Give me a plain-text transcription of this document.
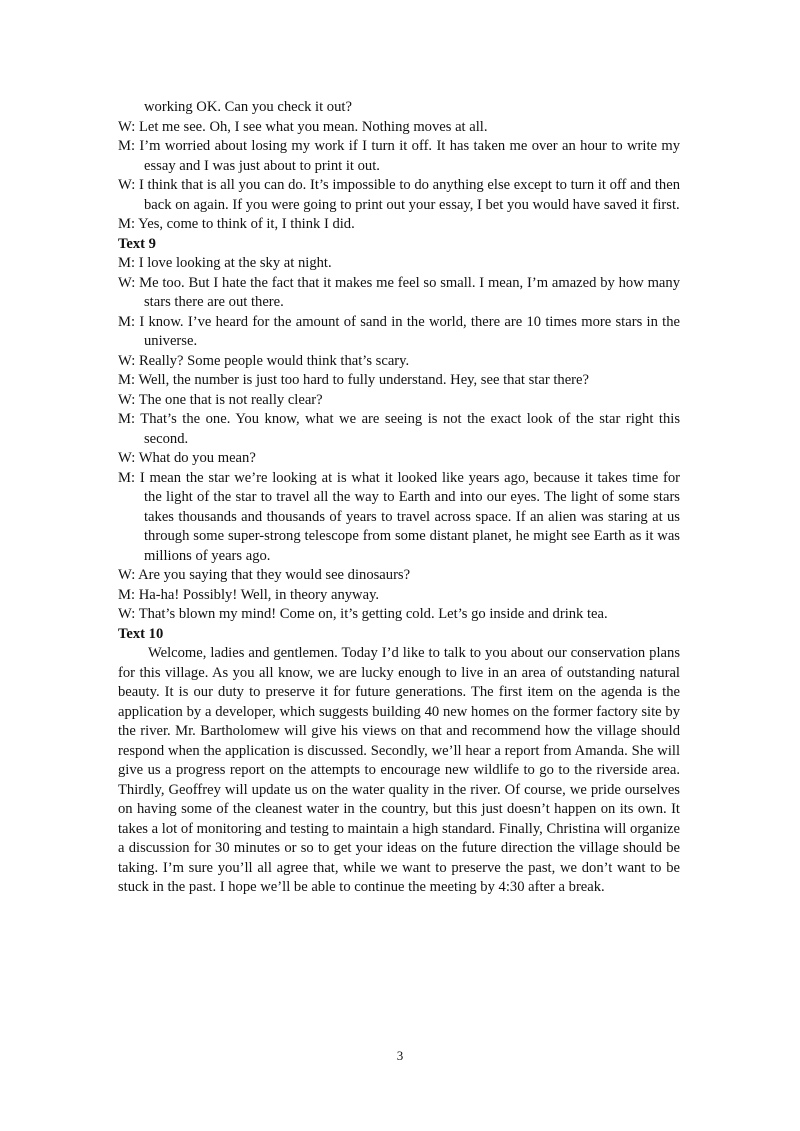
working OK. Can you check it out?
W: Let me see. Oh, I see what you mean. Nothing moves at all.
M: I’m worried about losing my work if I turn it off. It has taken me over an hour to write my essay and I was just about to print it out.
W: I think that is all you can do. It’s impossible to do anything else except to turn it off and then back on again. If you were going to print out your essay, I bet you would have saved it first.
M: Yes, come to think of it, I think I did.
Text 9
M: I love looking at the sky at night.
W: Me too. But I hate the fact that it makes me feel so small. I mean, I’m amazed by how many stars there are out there.
M: I know. I’ve heard for the amount of sand in the world, there are 10 times more stars in the universe.
W: Really? Some people would think that’s scary.
M: Well, the number is just too hard to fully understand. Hey, see that star there?
W: The one that is not really clear?
M: That’s the one. You know, what we are seeing is not the exact look of the star right this second.
W: What do you mean?
M: I mean the star we’re looking at is what it looked like years ago, because it takes time for the light of the star to travel all the way to Earth and into our eyes. The light of some stars takes thousands and thousands of years to travel across space. If an alien was staring at us through some super-strong telescope from some distant planet, he might see Earth as it was millions of years ago.
W: Are you saying that they would see dinosaurs?
M: Ha-ha! Possibly! Well, in theory anyway.
W: That’s blown my mind! Come on, it’s getting cold. Let’s go inside and drink tea.
Text 10
Welcome, ladies and gentlemen. Today I’d like to talk to you about our conservation plans for this village. As you all know, we are lucky enough to live in an area of outstanding natural beauty. It is our duty to preserve it for future generations. The first item on the agenda is the application by a developer, which suggests building 40 new homes on the former factory site by the river. Mr. Bartholomew will give his views on that and recommend how the village should respond when the application is discussed. Secondly, we’ll hear a report from Amanda. She will give us a progress report on the attempts to encourage new wildlife to go to the riverside area. Thirdly, Geoffrey will update us on the water quality in the river. Of course, we pride ourselves on having some of the cleanest water in the country, but this just doesn’t happen on its own. It takes a lot of monitoring and testing to maintain a high standard. Finally, Christina will organize a discussion for 30 minutes or so to get your ideas on the future direction the village should be taking. I’m sure you’ll all agree that, while we want to preserve the past, we don’t want to be stuck in the past. I hope we’ll be able to continue the meeting by 4:30 after a break.
3
